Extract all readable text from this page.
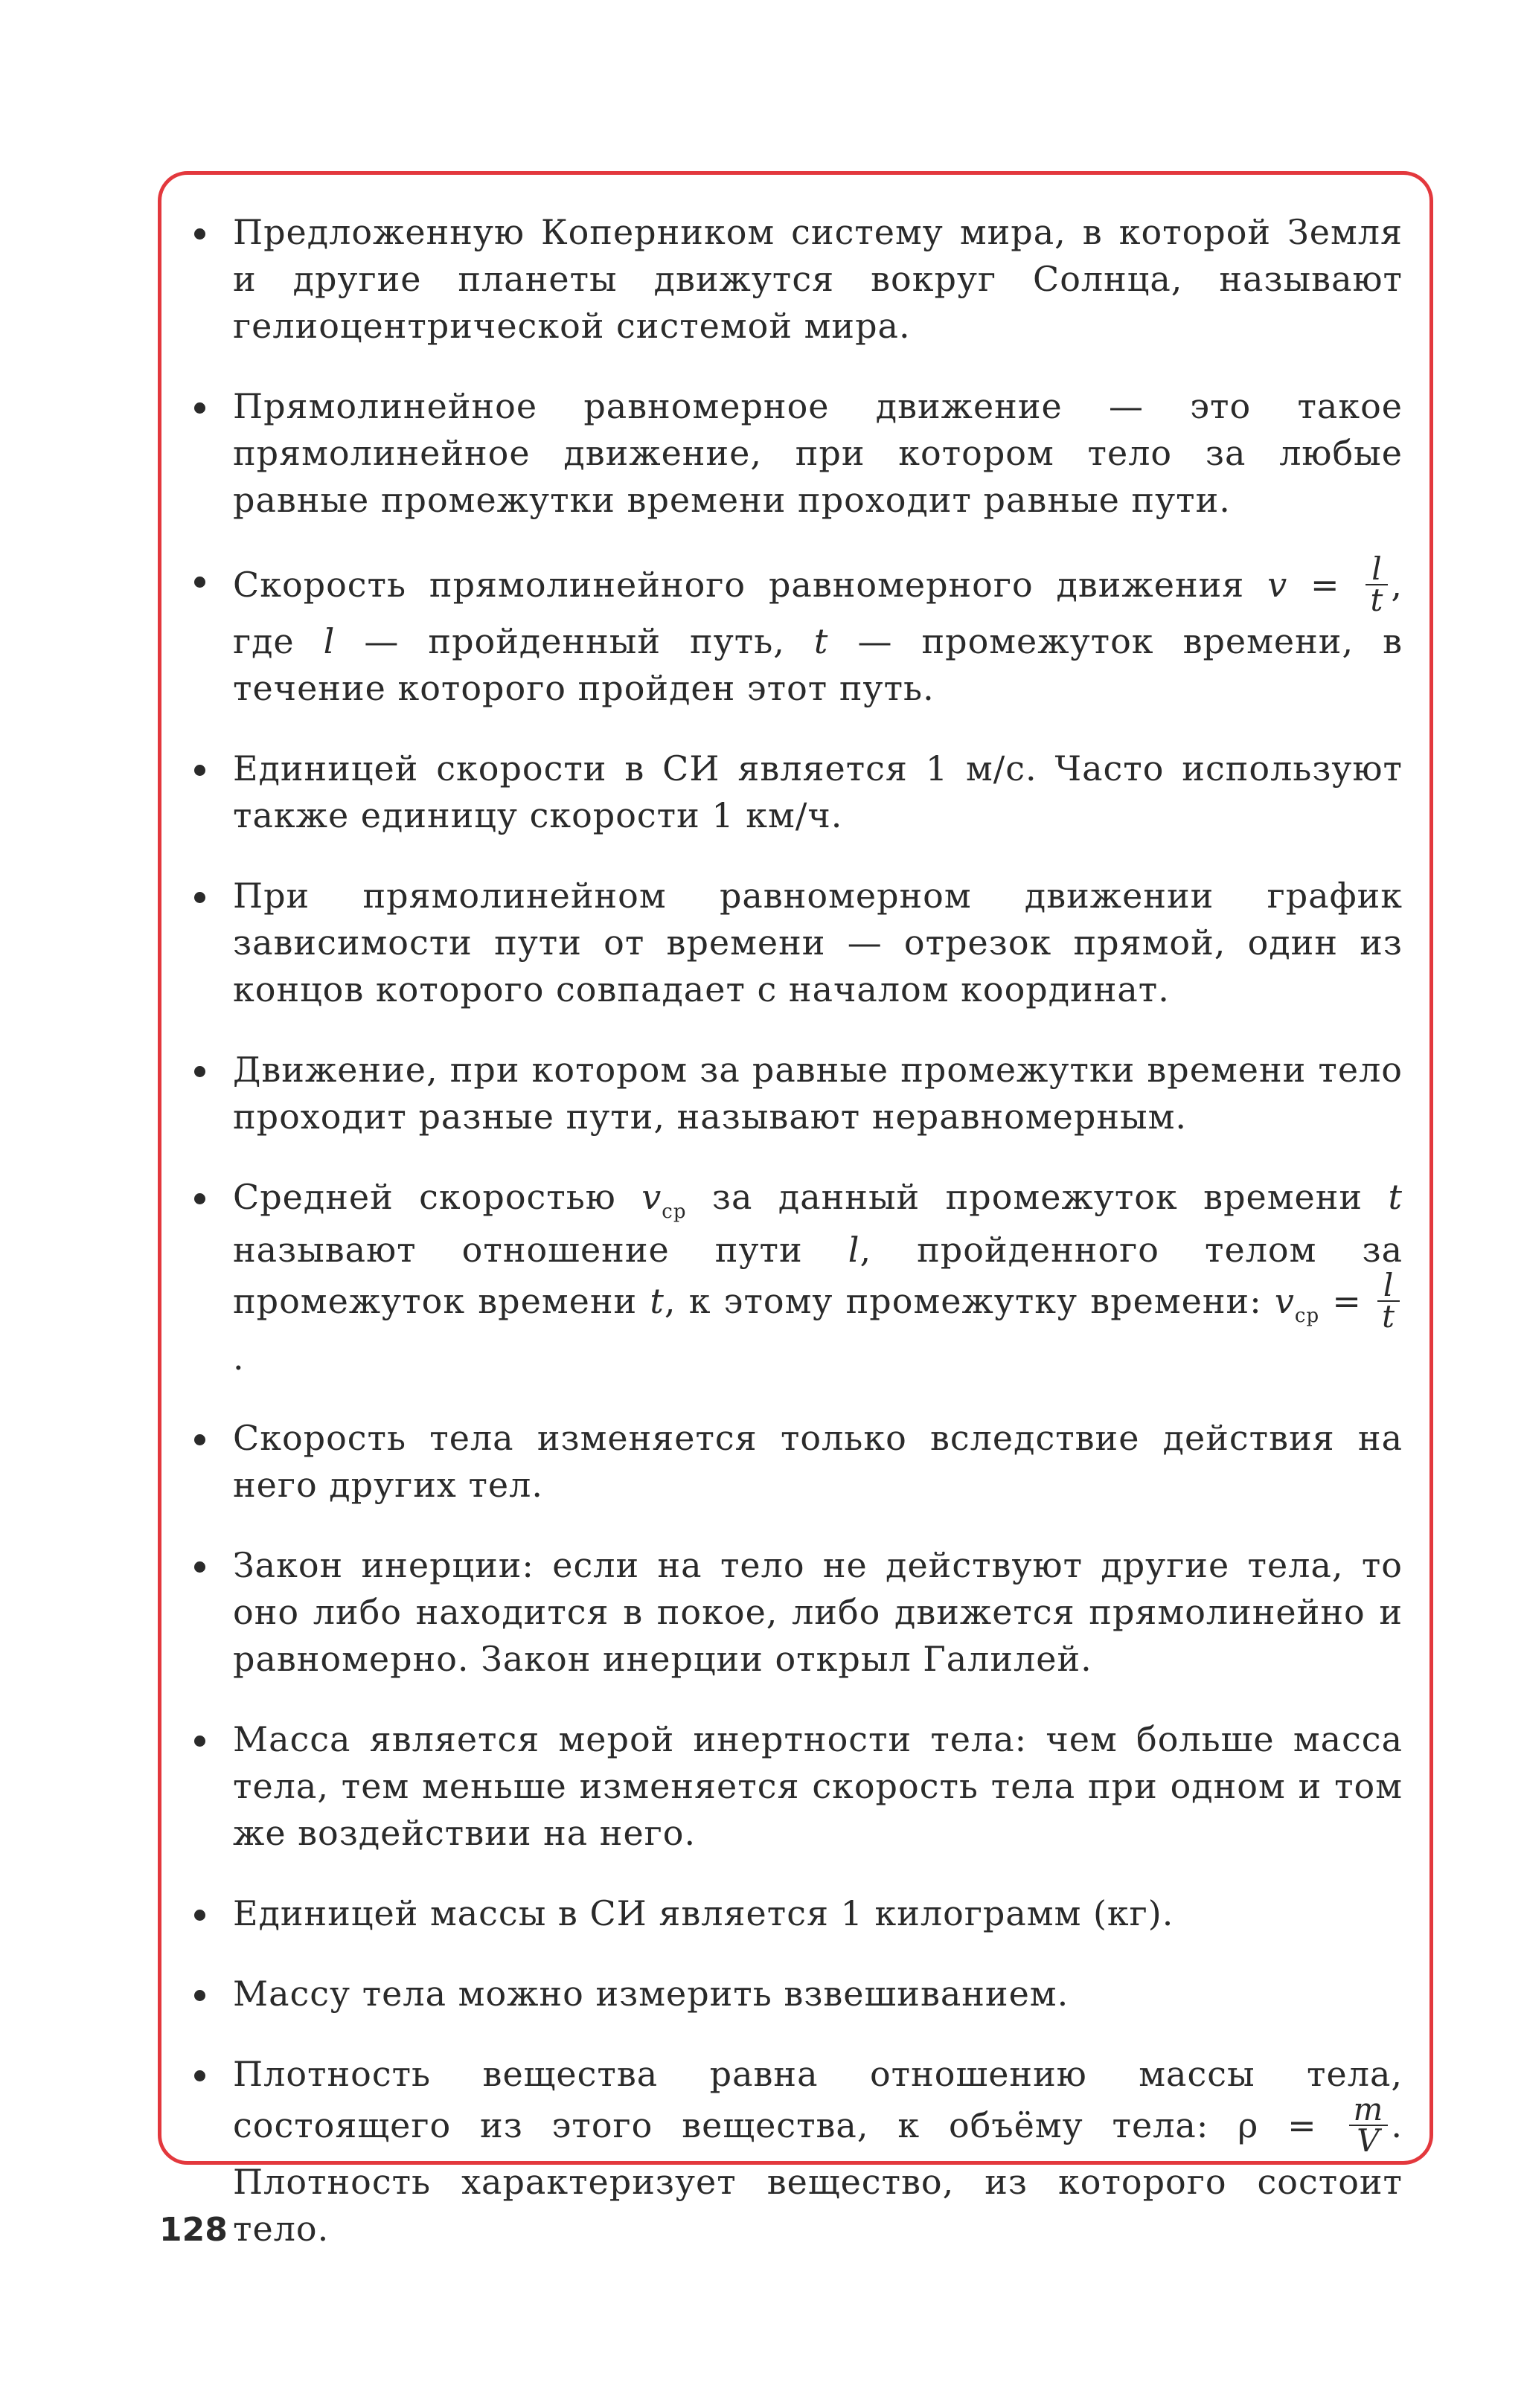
Предложенную Коперником систему мира, в которой Земля и другие планеты движутся вокруг Солнца, называют гелиоцентрической системой мира.
Прямолинейное равномерное движение — это такое прямолинейное движение, при котором тело за любые равные промежутки времени проходит равные пути.
Скорость прямолинейного равномерного движения $v = \frac{l}{t}$ , где l — пройденный путь, t — промежуток времени, в течение которого пройден этот путь.
Единицей скорости в СИ является 1 м/с. Часто используют также единицу скорости 1 км/ч.
При прямолинейном равномерном движении график зависимости пути от времени — отрезок прямой, один из концов которого совпадает с началом координат.
Движение, при котором за равные промежутки времени тело проходит разные пути, называют неравномерным.
Средней скоростью $v_{ср}$ за данный промежуток времени t называют отношение пути l, пройденного телом за промежуток времени t, к этому промежутку времени: $v_{ср} = \frac{l}{t}$
.
Скорость тела изменяется только вследствие действия на него других тел.
Закон инерции: если на тело не действуют другие тела, то оно либо находится в покое, либо движется прямолинейно и равномерно. Закон инерции открыл Галилей.
Масса является мерой инертности тела: чем больше масса тела, тем меньше изменяется скорость тела при одном и том же воздействии на него.
Единицей массы в СИ является 1 килограмм (кг).
Массу тела можно измерить взвешиванием.
Плотность вещества равна отношению массы тела, состоящего из этого вещества, к объёму тела: $\rho = \frac{m}{V}$ . Плотность характеризует вещество, из которого состоит тело.
128
